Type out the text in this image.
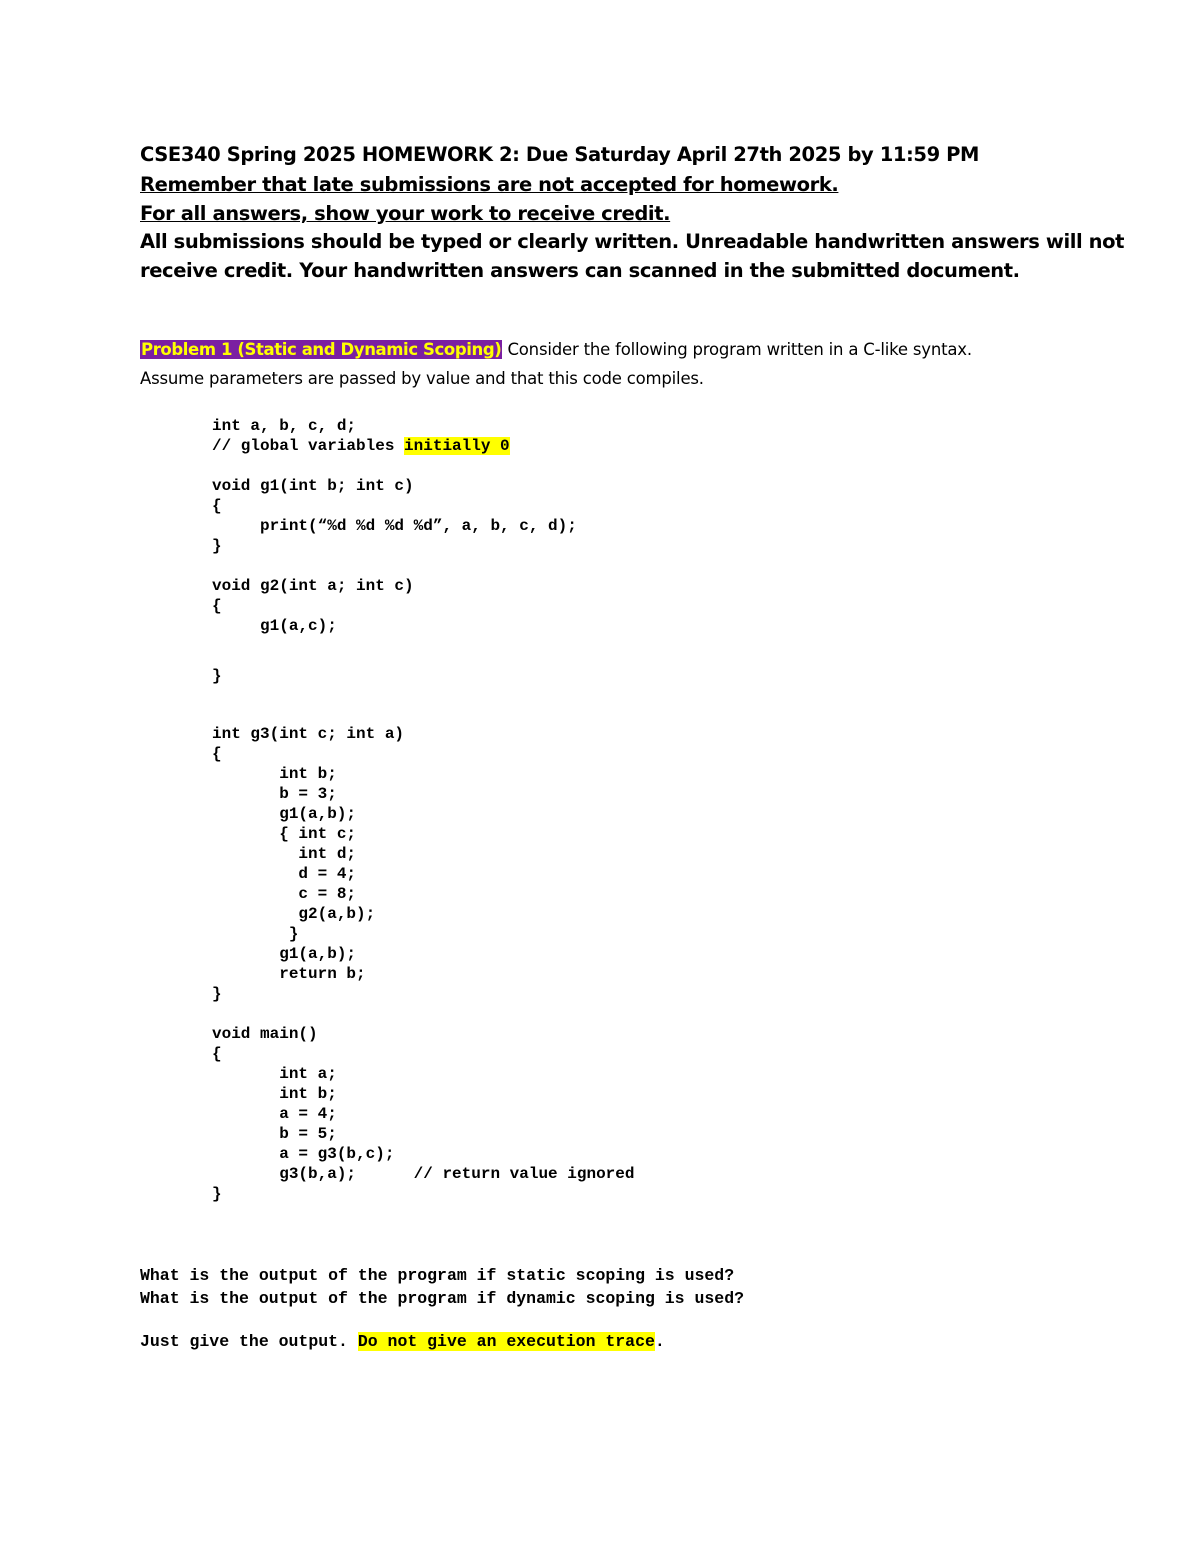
CSE340 Spring 2025 HOMEWORK 2: Due Saturday April 27th 2025 by 11:59 PM
Remember that late submissions are not accepted for homework.
For all answers, show your work to receive credit.
All submissions should be typed or clearly written. Unreadable handwritten answers will not
receive credit. Your handwritten answers can scanned in the submitted document.
Problem 1 (Static and Dynamic Scoping) Consider the following program written in a C-like syntax.
Assume parameters are passed by value and that this code compiles.
int a, b, c, d;
// global variables initially 0
void g1(int b; int c)
{
print(“%d %d %d %d”, a, b, c, d);
}
void g2(int a; int c)
{
g1(a,c);
}
int g3(int c; int a)
{
int b;
b = 3;
g1(a,b);
{ int c;
int d;
d = 4;
c = 8;
g2(a,b);
}
g1(a,b);
return b;
}
void main()
{
int a;
int b;
a = 4;
b = 5;
a = g3(b,c);
g3(b,a);      // return value ignored
}
What is the output of the program if static scoping is used?
What is the output of the program if dynamic scoping is used?
Just give the output. Do not give an execution trace.
